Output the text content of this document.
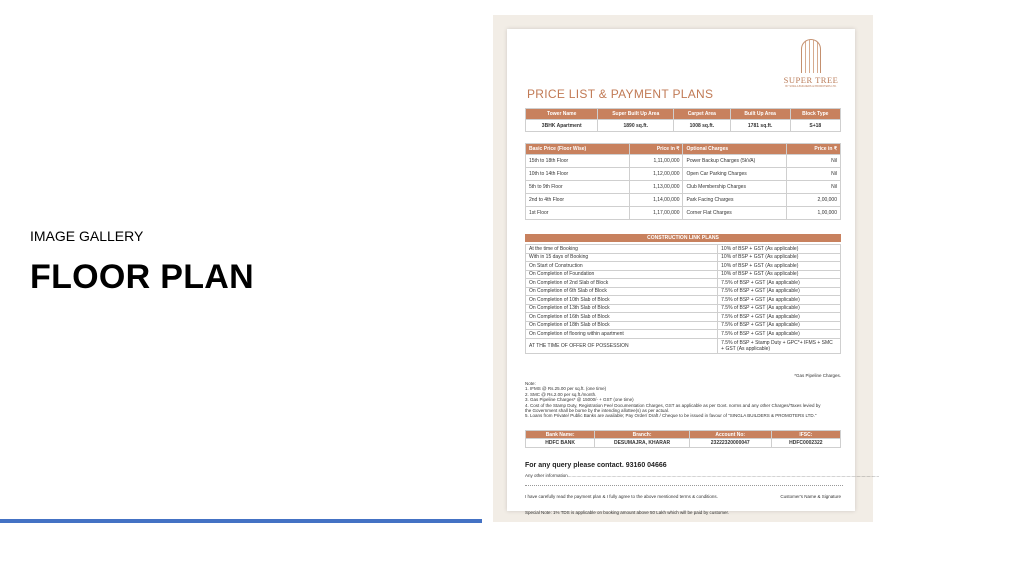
IMAGE GALLERY
FLOOR PLAN
SUPER TREE
BY SINGLA BUILDERS & PROMOTERS LTD.
PRICE LIST & PAYMENT PLANS
Tower Name	Super Built Up Area	Carpet Area	Built Up Area	Block Type
3BHK Apartment	1890 sq.ft.	1008 sq.ft.	1781 sq.ft.	S+18
Basic Price (Floor Wise)	Price in ₹	Optional Charges	Price in ₹
15th to 18th Floor	1,11,00,000	Power Backup Charges (5kVA)	Nil
10th to 14th Floor	1,12,00,000	Open Car Parking Charges	Nil
5th to 9th Floor	1,13,00,000	Club Membership Charges	Nil
2nd to 4th Floor	1,14,00,000	Park Facing Charges	2,00,000
1st Floor	1,17,00,000	Corner Flat Charges	1,00,000
CONSTRUCTION LINK PLANS
At the time of Booking	10% of BSP + GST (As applicable)
With in 15 days of Booking	10% of BSP + GST (As applicable)
On Start of Construction	10% of BSP + GST (As applicable)
On Completion of Foundation	10% of BSP + GST (As applicable)
On Completion of 2nd Slab of Block	7.5% of BSP + GST (As applicable)
On Completion of 6th Slab of Block	7.5% of BSP + GST (As applicable)
On Completion of 10th Slab of Block	7.5% of BSP + GST (As applicable)
On Completion of 13th Slab of Block	7.5% of BSP + GST (As applicable)
On Completion of 16th Slab of Block	7.5% of BSP + GST (As applicable)
On Completion of 18th Slab of Block	7.5% of BSP + GST (As applicable)
On Completion of flooring within apartment	7.5% of BSP + GST (As applicable)
AT THE TIME OF OFFER OF POSSESSION	7.5% of BSP + Stamp Duty + GPC*+ IFMS + SMC + GST (As applicable)
*Gas Pipeline Charges.
Note:
1. IFMS @ Rs.25.00 per sq.ft. (one time)
2. SMC @ Rs.2.00 per sq.ft./month.
3. Gas Pipeline Charges* @ 15000/- + GST (one time)
4. Cost of the Stamp Duty, Registration Fee/ Documentation Charges, GST as applicable as per Govt. norms and any other Charges/Taxes levied by
the Government shall be borne by the intending allottee(s) as per actual.
5. Loans from Private/ Public Banks are available; Pay Order/ Draft / Cheque to be issued in favour of "SINGLA BUILDERS & PROMOTERS LTD."
Bank Name:	Branch:	Account No:	IFSC:
HDFC BANK	DESUMAJRA, KHARAR	23222320000047	HDFC0002322
For any query please contact. 93160 04666
Any other information.........................................................................................................................................................................................................................................................
I have carefully read the payment plan & I fully agree to the above mentioned terms & conditions.	Customer's Name & Signature
Special Note: 1% TDS is applicable on booking amount above 50 Lakh which will be paid by customer.
